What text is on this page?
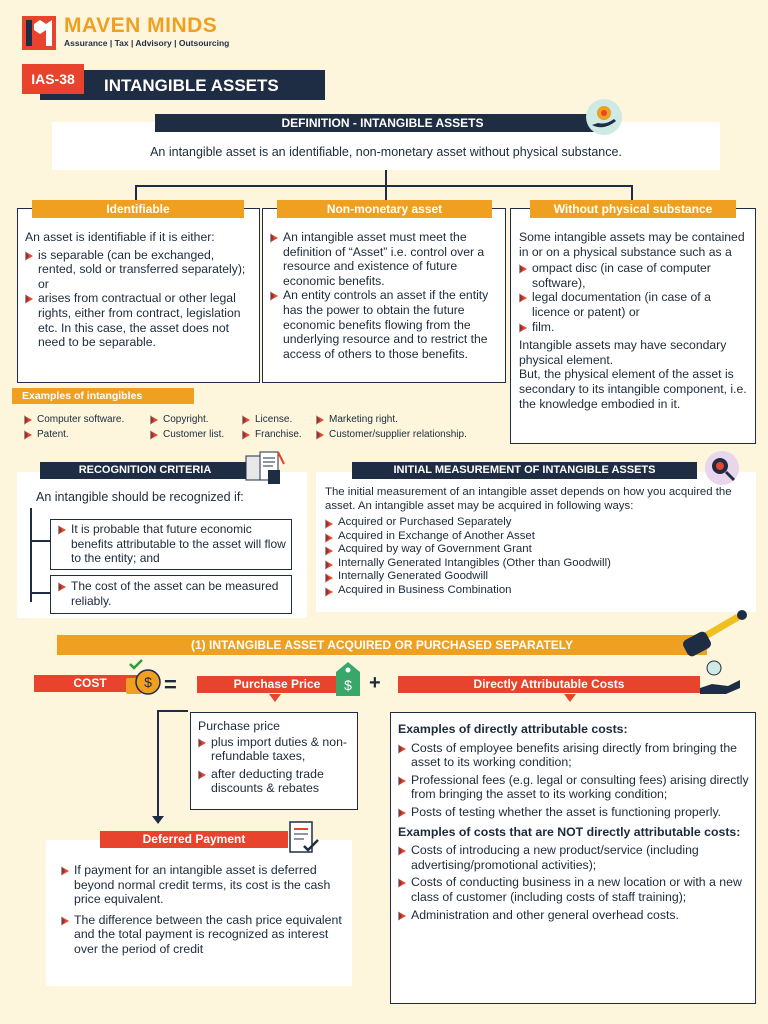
MAVEN MINDS
Assurance | Tax | Advisory | Outsourcing
IAS-38	INTANGIBLE ASSETS
DEFINITION - INTANGIBLE ASSETS
An intangible asset is an identifiable, non-monetary asset without physical substance.
Identifiable
An asset is identifiable if it is either:
is separable (can be exchanged, rented, sold or transferred separately); or
arises from contractual or other legal rights, either from contract, legislation etc. In this case, the asset does not need to be separable.
Non-monetary asset
An intangible asset must meet the definition of “Asset” i.e. control over a resource and existence of future economic benefits.
An entity controls an asset if the entity has the power to obtain the future economic benefits flowing from the underlying resource and to restrict the access of others to those benefits.
Without physical substance
Some intangible assets may be contained in or on a physical substance such as a
ompact disc (in case of computer software),
legal documentation (in case of a licence or patent) or
film.
Intangible assets may have secondary physical element.
But, the physical element of the asset is secondary to its intangible component, i.e. the knowledge embodied in it.
Examples of intangibles
Computer software.
Patent.
Copyright.
Customer list.
License.
Franchise.
Marketing right.
Customer/supplier relationship.
RECOGNITION CRITERIA
An intangible should be recognized if:
It is probable that future economic benefits attributable to the asset will flow to the entity; and
The cost of the asset can be measured reliably.
INITIAL MEASUREMENT OF INTANGIBLE ASSETS
The initial measurement of an intangible asset depends on how you acquired the asset. An intangible asset may be acquired in following ways:
Acquired or Purchased Separately
Acquired in Exchange of Another Asset
Acquired by way of Government Grant
Internally Generated Intangibles (Other than Goodwill)
Internally Generated Goodwill
Acquired in Business Combination
(1) INTANGIBLE ASSET ACQUIRED OR PURCHASED SEPARATELY
COST	$ =	Purchase Price	$ +	Directly Attributable Costs
Purchase price
plus import duties & non-refundable taxes,
after deducting trade discounts & rebates
Deferred Payment
If payment for an intangible asset is deferred beyond normal credit terms, its cost is the cash price equivalent.
The difference between the cash price equivalent and the total payment is recognized as interest over the period of credit
Examples of directly attributable costs:
Costs of employee benefits arising directly from bringing the asset to its working condition;
Professional fees (e.g. legal or consulting fees) arising directly from bringing the asset to its working condition;
Posts of testing whether the asset is functioning properly.
Examples of costs that are NOT directly attributable costs:
Costs of introducing a new product/service (including advertising/promotional activities);
Costs of conducting business in a new location or with a new class of customer (including costs of staff training);
Administration and other general overhead costs.
